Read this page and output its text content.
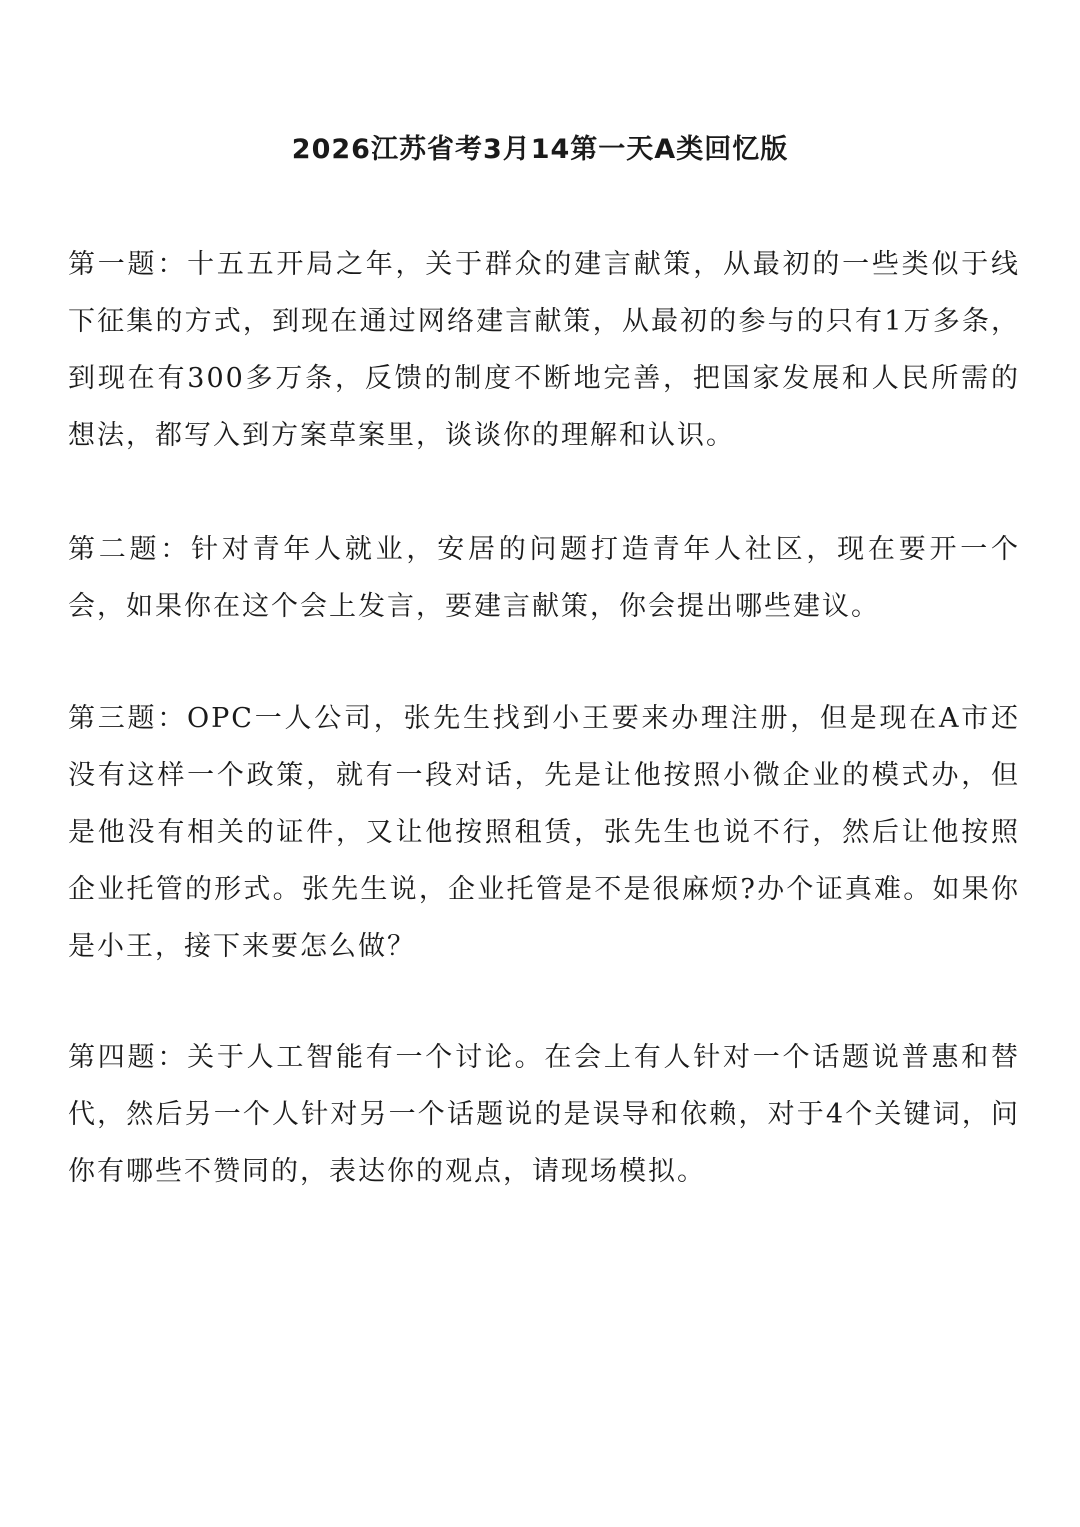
2026江苏省考3月14第一天A类回忆版

第一题：十五五开局之年，关于群众的建言献策，从最初的一些类似于线下征集的方式，到现在通过网络建言献策，从最初的参与的只有1万多条，到现在有300多万条，反馈的制度不断地完善，把国家发展和人民所需的想法，都写入到方案草案里，谈谈你的理解和认识。

第二题：针对青年人就业，安居的问题打造青年人社区，现在要开一个会，如果你在这个会上发言，要建言献策，你会提出哪些建议。

第三题：OPC一人公司，张先生找到小王要来办理注册，但是现在A市还没有这样一个政策，就有一段对话，先是让他按照小微企业的模式办，但是他没有相关的证件，又让他按照租赁，张先生也说不行，然后让他按照企业托管的形式。张先生说，企业托管是不是很麻烦?办个证真难。如果你是小王，接下来要怎么做？

第四题：关于人工智能有一个讨论。在会上有人针对一个话题说普惠和替代，然后另一个人针对另一个话题说的是误导和依赖，对于4个关键词，问你有哪些不赞同的，表达你的观点，请现场模拟。
